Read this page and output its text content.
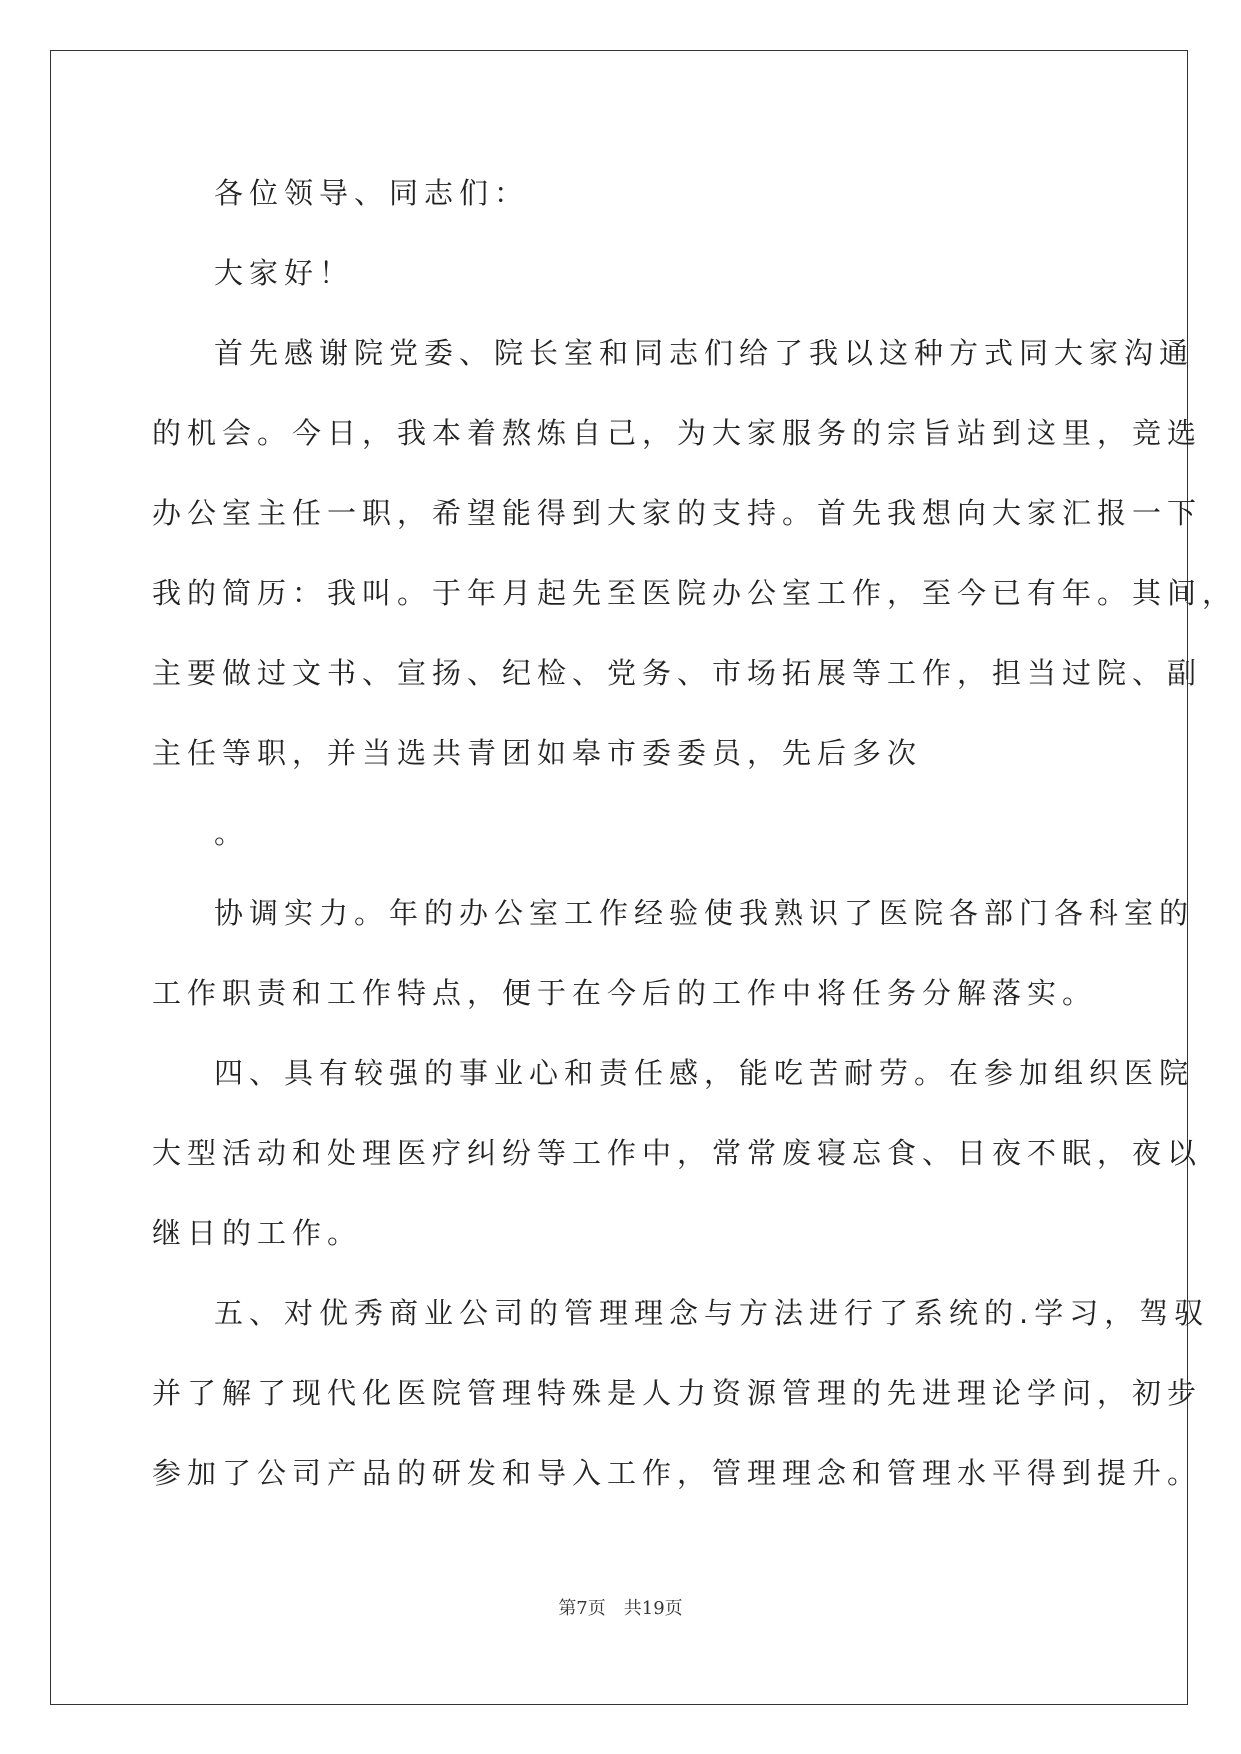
各位领导、同志们：
大家好！
首先感谢院党委、院长室和同志们给了我以这种方式同大家沟通
的机会。今日，我本着熬炼自己，为大家服务的宗旨站到这里，竞选
办公室主任一职，希望能得到大家的支持。首先我想向大家汇报一下
我的简历：我叫。于年月起先至医院办公室工作，至今已有年。其间，
主要做过文书、宣扬、纪检、党务、市场拓展等工作，担当过院、副
主任等职，并当选共青团如皋市委委员，先后多次
。
协调实力。年的办公室工作经验使我熟识了医院各部门各科室的
工作职责和工作特点，便于在今后的工作中将任务分解落实。
四、具有较强的事业心和责任感，能吃苦耐劳。在参加组织医院
大型活动和处理医疗纠纷等工作中，常常废寝忘食、日夜不眠，夜以
继日的工作。
五、对优秀商业公司的管理理念与方法进行了系统的.学习，驾驭
并了解了现代化医院管理特殊是人力资源管理的先进理论学问，初步
参加了公司产品的研发和导入工作，管理理念和管理水平得到提升。
第7页　共19页
